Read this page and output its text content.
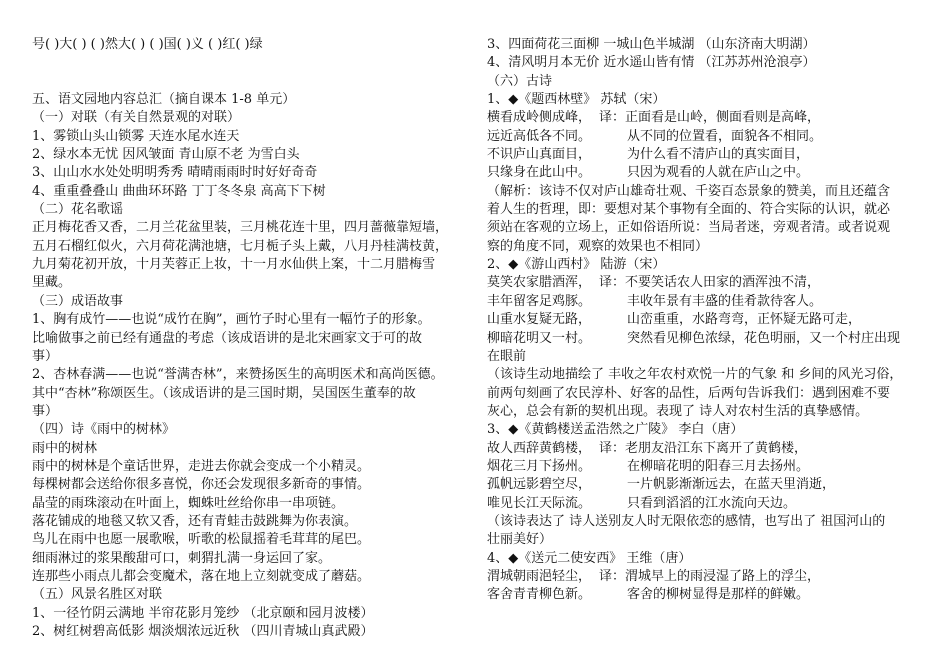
号( )大( ) ( )然大( ) ( )国( )义 ( )红( )绿
五、语文园地内容总汇（摘自课本 1-8 单元）
（一）对联（有关自然景观的对联）
1、雾锁山头山锁雾 天连水尾水连天
2、绿水本无忧 因风皱面 青山原不老 为雪白头
3、山山水水处处明明秀秀 晴晴雨雨时时好好奇奇
4、重重叠叠山 曲曲环环路 丁丁冬冬泉 高高下下树
（二）花名歌谣
正月梅花香又香，二月兰花盆里装，三月桃花连十里，四月蔷薇靠短墙，
五月石榴红似火，六月荷花满池塘，七月栀子头上戴，八月丹桂满枝黄，
九月菊花初开放，十月芙蓉正上妆，十一月水仙供上案，十二月腊梅雪
里藏。
（三）成语故事
1、胸有成竹——也说“成竹在胸”，画竹子时心里有一幅竹子的形象。
比喻做事之前已经有通盘的考虑（该成语讲的是北宋画家文于可的故
事）
2、杏林春满——也说“誉满杏林”，来赞扬医生的高明医术和高尚医德。
其中“杏林”称颂医生。（该成语讲的是三国时期，吴国医生董奉的故
事）
（四）诗《雨中的树林》
雨中的树林
雨中的树林是个童话世界，走进去你就会变成一个小精灵。
每棵树都会送给你很多喜悦，你还会发现很多新奇的事情。
晶莹的雨珠滚动在叶面上，蜘蛛吐丝给你串一串项链。
落花铺成的地毯又软又香，还有青蛙击鼓跳舞为你表演。
鸟儿在雨中也愿一展歌喉，听歌的松鼠摇着毛茸茸的尾巴。
细雨淋过的浆果酸甜可口，刺猬扎满一身运回了家。
连那些小雨点儿都会变魔术，落在地上立刻就变成了蘑菇。
（五）风景名胜区对联
1、一径竹阴云满地 半帘花影月笼纱 （北京颐和园月波楼）
2、树红树碧高低影 烟淡烟浓远近秋 （四川青城山真武殿）
3、四面荷花三面柳 一城山色半城湖 （山东济南大明湖）
4、清风明月本无价 近水遥山皆有情 （江苏苏州沧浪亭）
（六）古诗
1、◆《题西林壁》 苏轼（宋）
横看成岭侧成峰， 译：正面看是山岭，侧面看则是高峰，
远近高低各不同。	从不同的位置看，面貌各不相同。
不识庐山真面目，	为什么看不清庐山的真实面目，
只缘身在此山中。	只因为观看的人就在庐山之中。
（解析：该诗不仅对庐山雄奇壮观、千姿百态景象的赞美，而且还蕴含
着人生的哲理，即：要想对某个事物有全面的、符合实际的认识，就必
须站在客观的立场上，正如俗语所说：当局者迷，旁观者清。或者说观
察的角度不同，观察的效果也不相同）
2、◆《游山西村》 陆游（宋）
莫笑农家腊酒浑， 译：不要笑话农人田家的酒浑浊不清，
丰年留客足鸡豚。	丰收年景有丰盛的佳肴款待客人。
山重水复疑无路，	山峦重重，水路弯弯，正怀疑无路可走，
柳暗花明又一村。	突然看见柳色浓绿，花色明丽，又一个村庄出现
在眼前
（该诗生动地描绘了 丰收之年农村欢悦一片的气象 和 乡间的风光习俗，
前两句刻画了农民淳朴、好客的品性，后两句告诉我们：遇到困难不要
灰心，总会有新的契机出现。表现了 诗人对农村生活的真挚感情。
3、◆《黄鹤楼送孟浩然之广陵》 李白（唐）
故人西辞黄鹤楼， 译：老朋友沿江东下离开了黄鹤楼，
烟花三月下扬州。	在柳暗花明的阳春三月去扬州。
孤帆远影碧空尽，	一片帆影渐渐远去，在蓝天里消逝，
唯见长江天际流。	只看到滔滔的江水流向天边。
（该诗表达了 诗人送别友人时无限依恋的感情，也写出了 祖国河山的
壮丽美好）
4、◆《送元二使安西》 王维（唐）
渭城朝雨浥轻尘， 译：渭城早上的雨浸湿了路上的浮尘，
客舍青青柳色新。	客舍的柳树显得是那样的鲜嫩。
